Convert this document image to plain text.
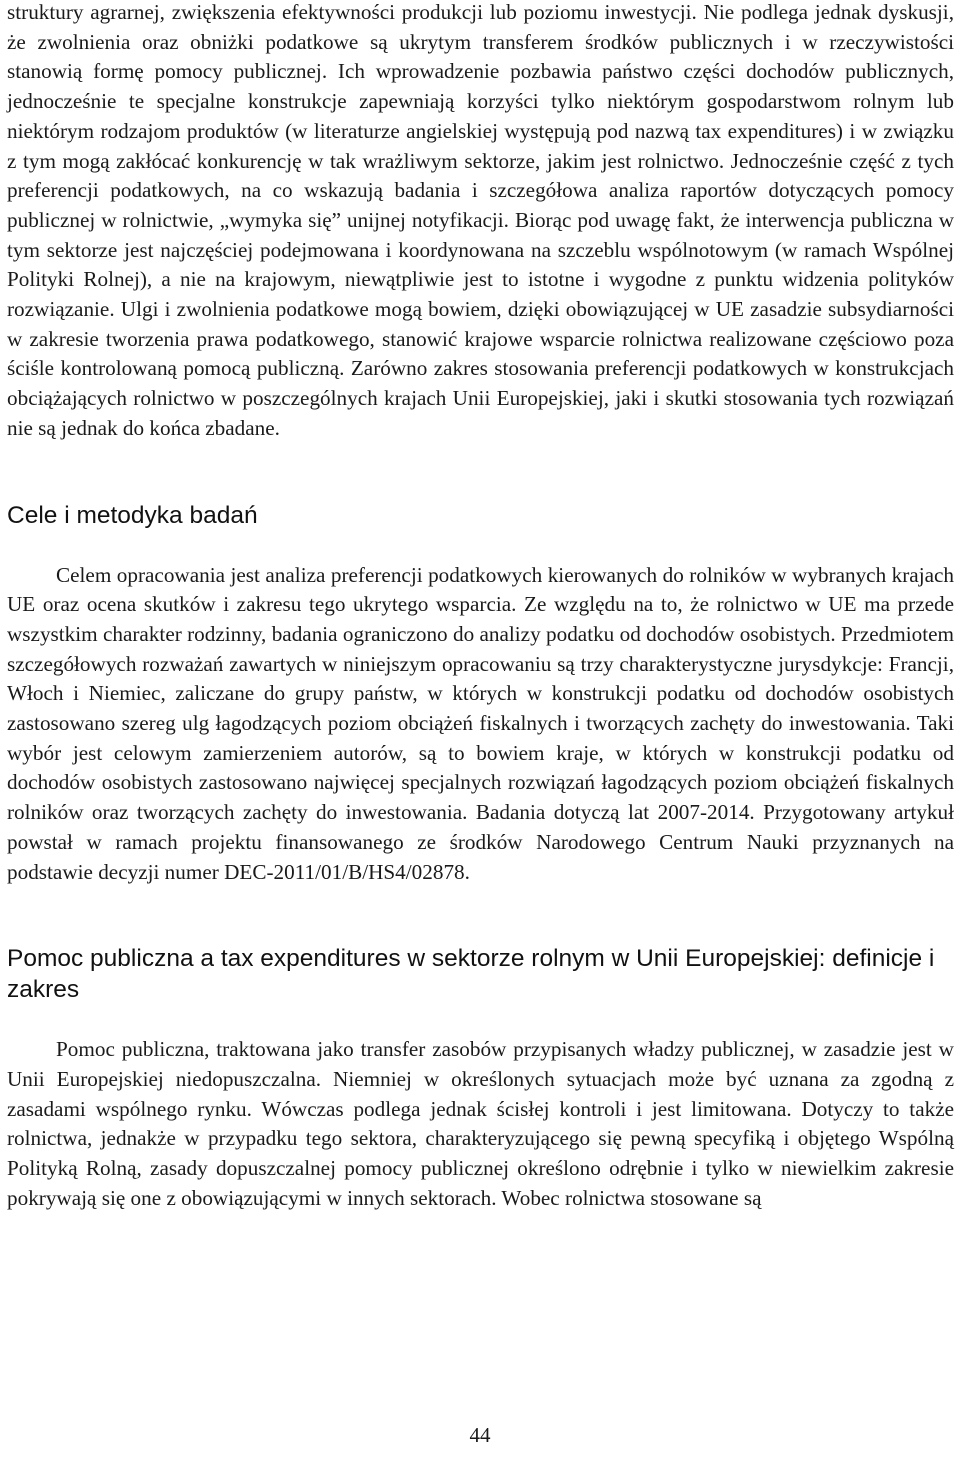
struktury agrarnej, zwiększenia efektywności produkcji lub poziomu inwestycji. Nie podlega jednak dyskusji, że zwolnienia oraz obniżki podatkowe są ukrytym transferem środków publicznych i w rzeczywistości stanowią formę pomocy publicznej. Ich wprowadzenie pozbawia państwo części dochodów publicznych, jednocześnie te specjalne konstrukcje zapewniają korzyści tylko niektórym gospodarstwom rolnym lub niektórym rodzajom produktów (w literaturze angielskiej występują pod nazwą tax expenditures) i w związku z tym mogą zakłócać konkurencję w tak wrażliwym sektorze, jakim jest rolnictwo. Jednocześnie część z tych preferencji podatkowych, na co wskazują badania i szczegółowa analiza raportów dotyczących pomocy publicznej w rolnictwie, „wymyka się” unijnej notyfikacji. Biorąc pod uwagę fakt, że interwencja publiczna w tym sektorze jest najczęściej podejmowana i koordynowana na szczeblu wspólnotowym (w ramach Wspólnej Polityki Rolnej), a nie na krajowym, niewątpliwie jest to istotne i wygodne z punktu widzenia polityków rozwiązanie. Ulgi i zwolnienia podatkowe mogą bowiem, dzięki obowiązującej w UE zasadzie subsydiarności w zakresie tworzenia prawa podatkowego, stanowić krajowe wsparcie rolnictwa realizowane częściowo poza ściśle kontrolowaną pomocą publiczną. Zarówno zakres stosowania preferencji podatkowych w konstrukcjach obciążających rolnictwo w poszczególnych krajach Unii Europejskiej, jaki i skutki stosowania tych rozwiązań nie są jednak do końca zbadane.

Cele i metodyka badań

Celem opracowania jest analiza preferencji podatkowych kierowanych do rolników w wybranych krajach UE oraz ocena skutków i zakresu tego ukrytego wsparcia. Ze względu na to, że rolnictwo w UE ma przede wszystkim charakter rodzinny, badania ograniczono do analizy podatku od dochodów osobistych. Przedmiotem szczegółowych rozważań zawartych w niniejszym opracowaniu są trzy charakterystyczne jurysdykcje: Francji, Włoch i Niemiec, zaliczane do grupy państw, w których w konstrukcji podatku od dochodów osobistych zastosowano szereg ulg łagodzących poziom obciążeń fiskalnych i tworzących zachęty do inwestowania. Taki wybór jest celowym zamierzeniem autorów, są to bowiem kraje, w których w konstrukcji podatku od dochodów osobistych zastosowano najwięcej specjalnych rozwiązań łagodzących poziom obciążeń fiskalnych rolników oraz tworzących zachęty do inwestowania. Badania dotyczą lat 2007-2014. Przygotowany artykuł powstał w ramach projektu finansowanego ze środków Narodowego Centrum Nauki przyznanych na podstawie decyzji numer DEC-2011/01/B/HS4/02878.

Pomoc publiczna a tax expenditures w sektorze rolnym w Unii Europejskiej: definicje i zakres

Pomoc publiczna, traktowana jako transfer zasobów przypisanych władzy publicznej, w zasadzie jest w Unii Europejskiej niedopuszczalna. Niemniej w określonych sytuacjach może być uznana za zgodną z zasadami wspólnego rynku. Wówczas podlega jednak ścisłej kontroli i jest limitowana. Dotyczy to także rolnictwa, jednakże w przypadku tego sektora, charakteryzującego się pewną specyfiką i objętego Wspólną Polityką Rolną, zasady dopuszczalnej pomocy publicznej określono odrębnie i tylko w niewielkim zakresie pokrywają się one z obowiązującymi w innych sektorach. Wobec rolnictwa stosowane są

44
